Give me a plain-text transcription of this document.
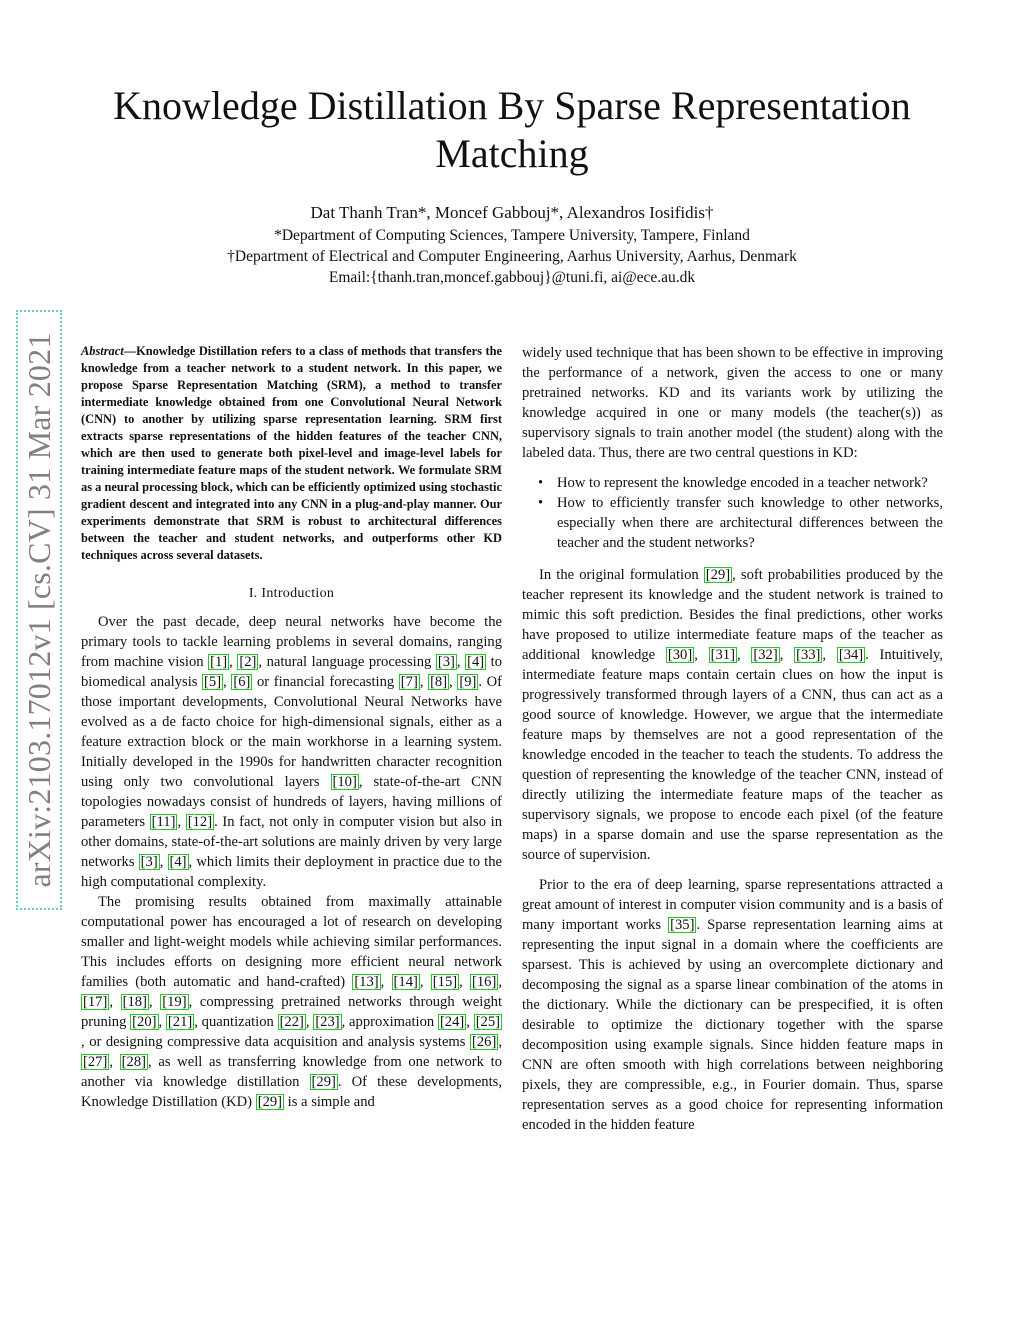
Knowledge Distillation By Sparse Representation Matching
Dat Thanh Tran*, Moncef Gabbouj*, Alexandros Iosifidis†
*Department of Computing Sciences, Tampere University, Tampere, Finland
†Department of Electrical and Computer Engineering, Aarhus University, Aarhus, Denmark
Email:{thanh.tran,moncef.gabbouj}@tuni.fi, ai@ece.au.dk
arXiv:2103.17012v1 [cs.CV] 31 Mar 2021	Abstract—Knowledge Distillation refers to a class of methods that transfers the knowledge from a teacher network to a student network. In this paper, we propose Sparse Representation Matching (SRM), a method to transfer intermediate knowledge obtained from one Convolutional Neural Network (CNN) to another by utilizing sparse representation learning. SRM first extracts sparse representations of the hidden features of the teacher CNN, which are then used to generate both pixel-level and image-level labels for training intermediate feature maps of the student network. We formulate SRM as a neural processing block, which can be efficiently optimized using stochastic gradient descent and integrated into any CNN in a plug-and-play manner. Our experiments demonstrate that SRM is robust to architectural differences between the teacher and student networks, and outperforms other KD techniques across several datasets.

I. Introduction

Over the past decade, deep neural networks have become the primary tools to tackle learning problems in several domains, ranging from machine vision [1] , [2] , natural language processing [3] , [4] to biomedical analysis [5] , [6] or financial forecasting [7] , [8] , [9] . Of those important developments, Convolutional Neural Networks have evolved as a de facto choice for high-dimensional signals, either as a feature extraction block or the main workhorse in a learning system. Initially developed in the 1990s for handwritten character recognition using only two convolutional layers [10] , state-of-the-art CNN topologies nowadays consist of hundreds of layers, having millions of parameters [11] , [12] . In fact, not only in computer vision but also in other domains, state-of-the-art solutions are mainly driven by very large networks [3] , [4] , which limits their deployment in practice due to the high computational complexity.

The promising results obtained from maximally attainable computational power has encouraged a lot of research on developing smaller and light-weight models while achieving similar performances. This includes efforts on designing more efficient neural network families (both automatic and hand-crafted) [13] , [14] , [15] , [16] , [17] , [18] , [19] , compressing pretrained networks through weight pruning [20] , [21] , quantization [22] , [23] , approximation [24] , [25], or designing compressive data acquisition and analysis systems [26] , [27] , [28] , as well as transferring knowledge from one network to another via knowledge distillation [29] . Of these developments, Knowledge Distillation (KD) [29] is a simple and

widely used technique that has been shown to be effective in improving the performance of a network, given the access to one or many pretrained networks. KD and its variants work by utilizing the knowledge acquired in one or many models (the teacher(s)) as supervisory signals to train another model (the student) along with the labeled data. Thus, there are two central questions in KD:

• How to represent the knowledge encoded in a teacher network?
• How to efficiently transfer such knowledge to other networks, especially when there are architectural differences between the teacher and the student networks?

In the original formulation [29] , soft probabilities produced by the teacher represent its knowledge and the student network is trained to mimic this soft prediction. Besides the final predictions, other works have proposed to utilize intermediate feature maps of the teacher as additional knowledge [30] , [31] , [32] , [33] , [34] . Intuitively, intermediate feature maps contain certain clues on how the input is progressively transformed through layers of a CNN, thus can act as a good source of knowledge. However, we argue that the intermediate feature maps by themselves are not a good representation of the knowledge encoded in the teacher to teach the students. To address the question of representing the knowledge of the teacher CNN, instead of directly utilizing the intermediate feature maps of the teacher as supervisory signals, we propose to encode each pixel (of the feature maps) in a sparse domain and use the sparse representation as the source of supervision.

Prior to the era of deep learning, sparse representations attracted a great amount of interest in computer vision community and is a basis of many important works [35] . Sparse representation learning aims at representing the input signal in a domain where the coefficients are sparsest. This is achieved by using an overcomplete dictionary and decomposing the signal as a sparse linear combination of the atoms in the dictionary. While the dictionary can be prespecified, it is often desirable to optimize the dictionary together with the sparse decomposition using example signals. Since hidden feature maps in CNN are often smooth with high correlations between neighboring pixels, they are compressible, e.g., in Fourier domain. Thus, sparse representation serves as a good choice for representing information encoded in the hidden feature
